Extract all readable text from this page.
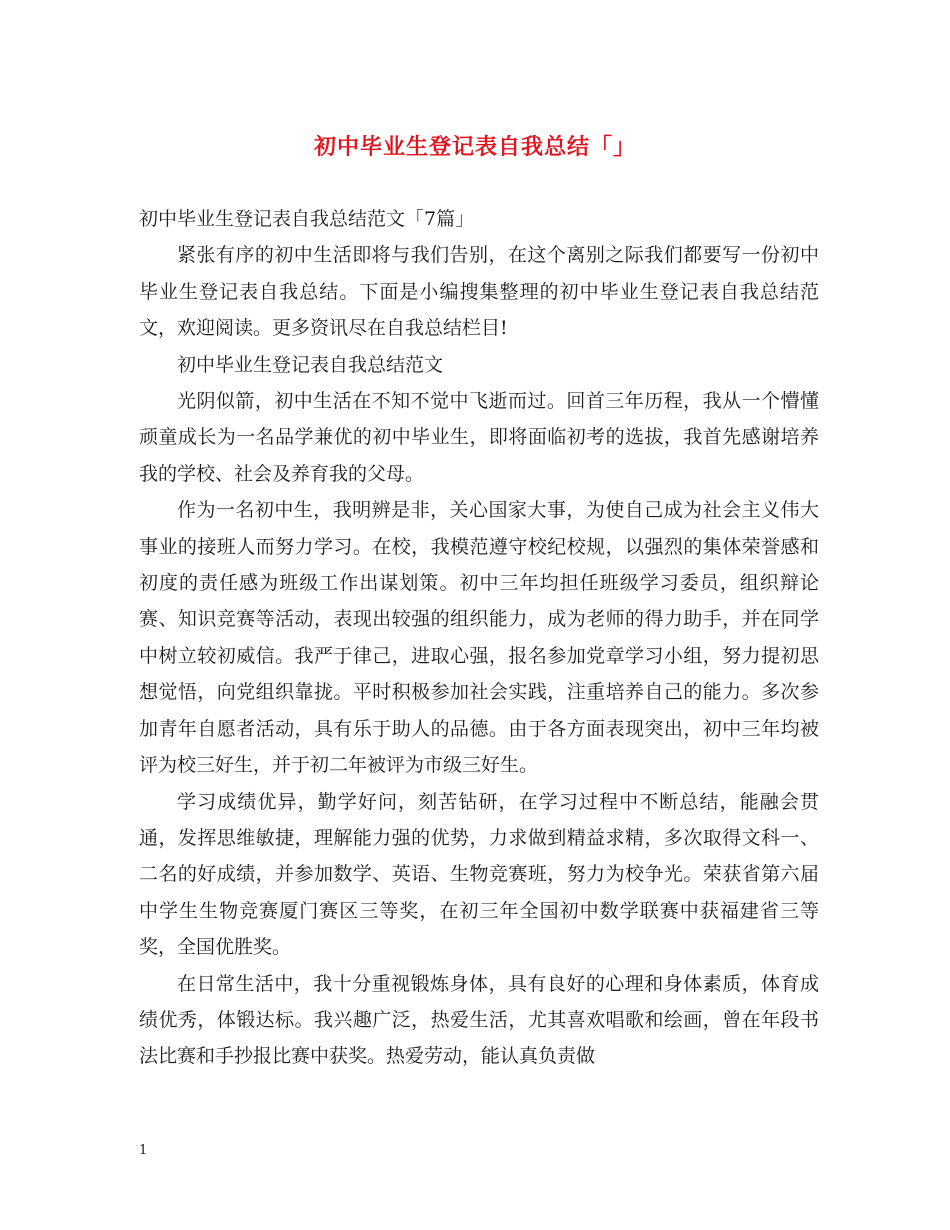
初中毕业生登记表自我总结「」

初中毕业生登记表自我总结范文「7篇」

紧张有序的初中生活即将与我们告别，在这个离别之际我们都要写一份初中毕业生登记表自我总结。下面是小编搜集整理的初中毕业生登记表自我总结范文，欢迎阅读。更多资讯尽在自我总结栏目!

初中毕业生登记表自我总结范文

光阴似箭，初中生活在不知不觉中飞逝而过。回首三年历程，我从一个懵懂顽童成长为一名品学兼优的初中毕业生，即将面临初考的选拔，我首先感谢培养我的学校、社会及养育我的父母。

作为一名初中生，我明辨是非，关心国家大事，为使自己成为社会主义伟大事业的接班人而努力学习。在校，我模范遵守校纪校规，以强烈的集体荣誉感和初度的责任感为班级工作出谋划策。初中三年均担任班级学习委员，组织辩论赛、知识竞赛等活动，表现出较强的组织能力，成为老师的得力助手，并在同学中树立较初威信。我严于律己，进取心强，报名参加党章学习小组，努力提初思想觉悟，向党组织靠拢。平时积极参加社会实践，注重培养自己的能力。多次参加青年自愿者活动，具有乐于助人的品德。由于各方面表现突出，初中三年均被评为校三好生，并于初二年被评为市级三好生。

学习成绩优异，勤学好问，刻苦钻研，在学习过程中不断总结，能融会贯通，发挥思维敏捷，理解能力强的优势，力求做到精益求精，多次取得文科一、二名的好成绩，并参加数学、英语、生物竞赛班，努力为校争光。荣获省第六届中学生生物竞赛厦门赛区三等奖，在初三年全国初中数学联赛中获福建省三等奖，全国优胜奖。

在日常生活中，我十分重视锻炼身体，具有良好的心理和身体素质，体育成绩优秀，体锻达标。我兴趣广泛，热爱生活，尤其喜欢唱歌和绘画，曾在年段书法比赛和手抄报比赛中获奖。热爱劳动，能认真负责做

1
